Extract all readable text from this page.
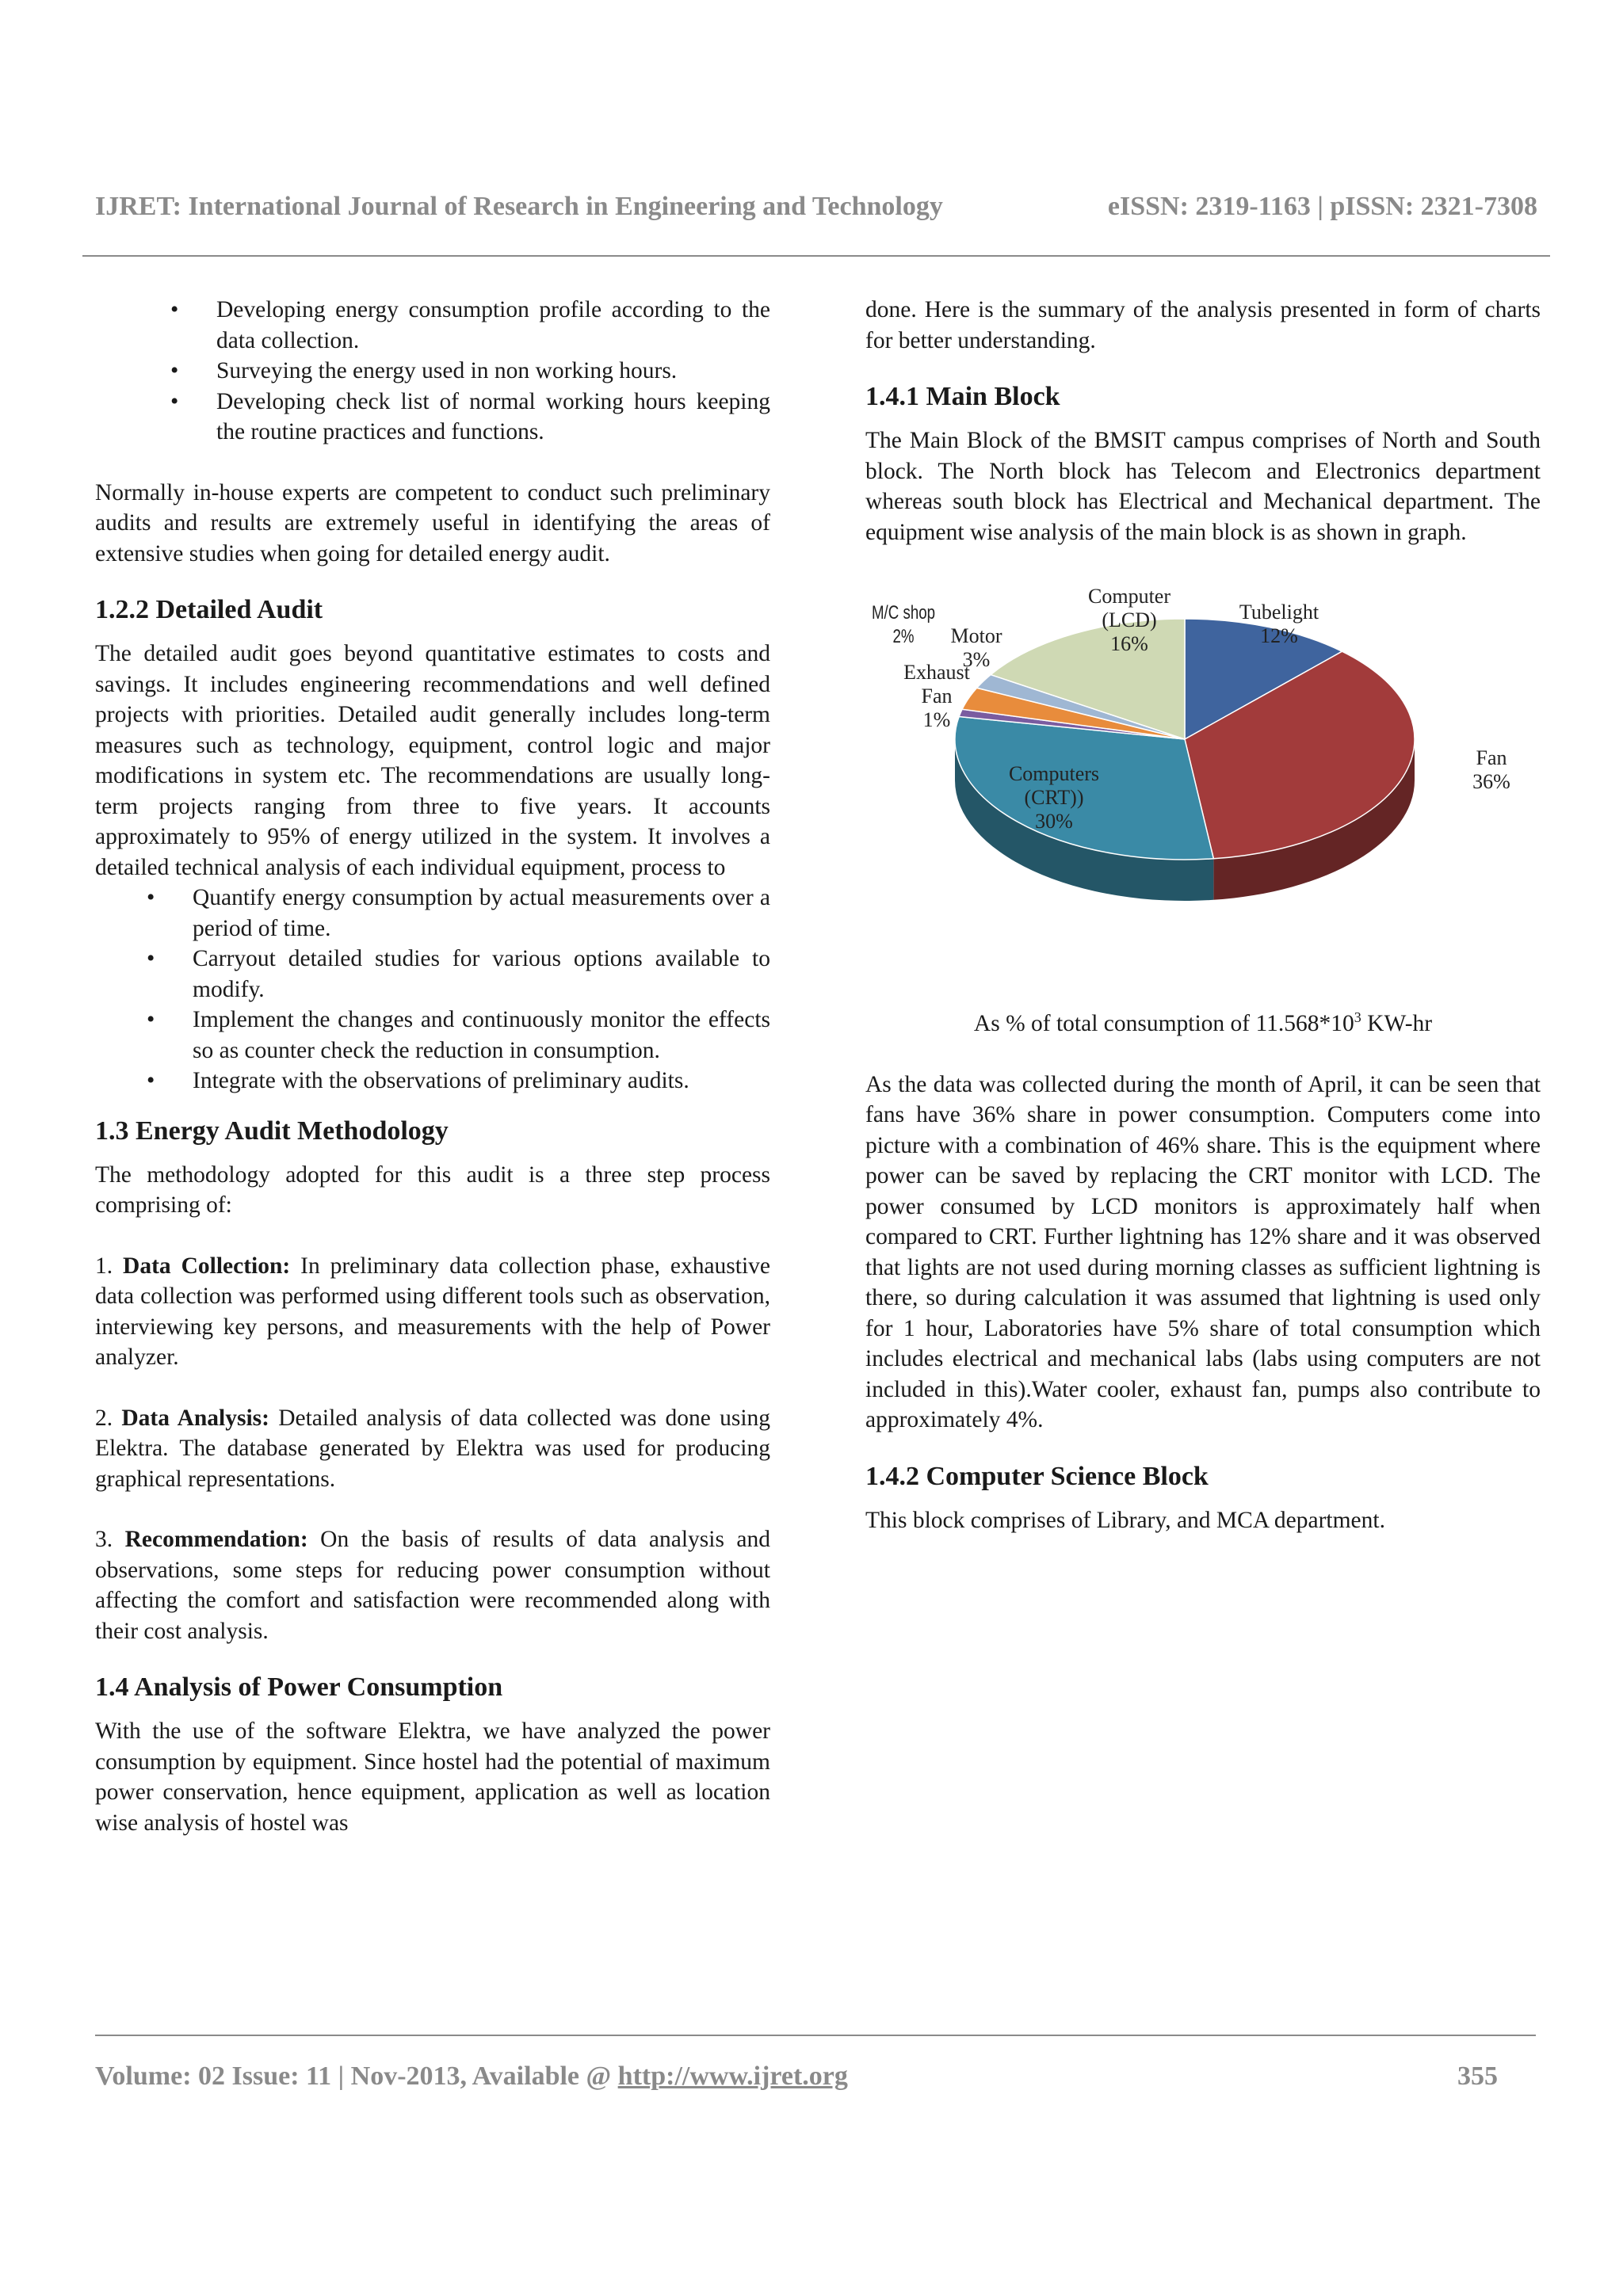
IJRET: International Journal of Research in Engineering and Technology	eISSN: 2319-1163 | pISSN: 2321-7308
• Developing energy consumption profile according to the data collection.
• Surveying the energy used in non working hours.
• Developing check list of normal working hours keeping the routine practices and functions.

Normally in-house experts are competent to conduct such preliminary audits and results are extremely useful in identifying the areas of extensive studies when going for detailed energy audit.

1.2.2 Detailed Audit

The detailed audit goes beyond quantitative estimates to costs and savings. It includes engineering recommendations and well defined projects with priorities. Detailed audit generally includes long-term measures such as technology, equipment, control logic and major modifications in system etc. The recommendations are usually long-term projects ranging from three to five years. It accounts approximately to 95% of energy utilized in the system. It involves a detailed technical analysis of each individual equipment, process to

• Quantify energy consumption by actual measurements over a period of time.
• Carryout detailed studies for various options available to modify.
• Implement the changes and continuously monitor the effects so as counter check the reduction in consumption.
• Integrate with the observations of preliminary audits.
1.3 Energy Audit Methodology

The methodology adopted for this audit is a three step process comprising of:

1. Data Collection: In preliminary data collection phase, exhaustive data collection was performed using different tools such as observation, interviewing key persons, and measurements with the help of Power analyzer.

2. Data Analysis: Detailed analysis of data collected was done using Elektra. The database generated by Elektra was used for producing graphical representations.

3. Recommendation: On the basis of results of data analysis and observations, some steps for reducing power consumption without affecting the comfort and satisfaction were recommended along with their cost analysis.

1.4 Analysis of Power Consumption

With the use of the software Elektra, we have analyzed the power consumption by equipment. Since hostel had the potential of maximum power conservation, hence equipment, application as well as location wise analysis of hostel was

done. Here is the summary of the analysis presented in form of charts for better understanding.

1.4.1 Main Block

The Main Block of the BMSIT campus comprises of North and South block. The North block has Telecom and Electronics department whereas south block has Electrical and Mechanical department. The equipment wise analysis of the main block is as shown in graph.

Tubelight 12%
Fan 36%
Computers (CRT)) 30%
Exhaust Fan 1%
Motor 3%
M/C shop 2%
Computer (LCD) 16%
As % of total consumption of $11.568*10^3$ KW-hr

As the data was collected during the month of April, it can be seen that fans have 36% share in power consumption. Computers come into picture with a combination of 46% share. This is the equipment where power can be saved by replacing the CRT monitor with LCD. The power consumed by LCD monitors is approximately half when compared to CRT. Further lightning has 12% share and it was observed that lights are not used during morning classes as sufficient lightning is there, so during calculation it was assumed that lightning is used only for 1 hour, Laboratories have 5% share of total consumption which includes electrical and mechanical labs (labs using computers are not included in this).Water cooler, exhaust fan, pumps also contribute to approximately 4%.

1.4.2 Computer Science Block

This block comprises of Library, and MCA department.

Volume: 02 Issue: 11 | Nov-2013, Available @ http://www.ijret.org	355
